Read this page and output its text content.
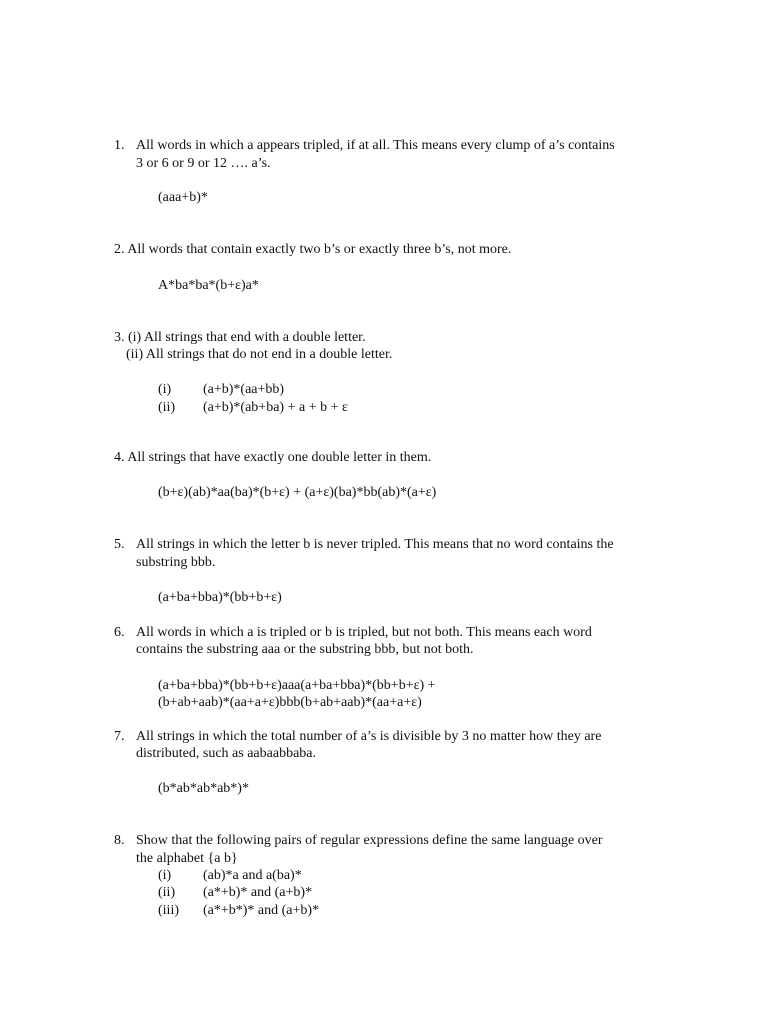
1. All words in which a appears tripled, if at all. This means every clump of a’s contains
3 or 6 or 9 or 12 …. a’s.
(aaa+b)*
2. All words that contain exactly two b’s or exactly three b’s, not more.
A*ba*ba*(b+ε)a*
3. (i) All strings that end with a double letter.
(ii) All strings that do not end in a double letter.
(i) (a+b)*(aa+bb)
(ii) (a+b)*(ab+ba) + a + b + ε
4. All strings that have exactly one double letter in them.
(b+ε)(ab)*aa(ba)*(b+ε) + (a+ε)(ba)*bb(ab)*(a+ε)
5. All strings in which the letter b is never tripled. This means that no word contains the
substring bbb.
(a+ba+bba)*(bb+b+ε)
6. All words in which a is tripled or b is tripled, but not both. This means each word
contains the substring aaa or the substring bbb, but not both.
(a+ba+bba)*(bb+b+ε)aaa(a+ba+bba)*(bb+b+ε) +
(b+ab+aab)*(aa+a+ε)bbb(b+ab+aab)*(aa+a+ε)
7. All strings in which the total number of a’s is divisible by 3 no matter how they are
distributed, such as aabaabbaba.
(b*ab*ab*ab*)*
8. Show that the following pairs of regular expressions define the same language over
the alphabet {a b}
(i) (ab)*a and a(ba)*
(ii) (a*+b)* and (a+b)*
(iii) (a*+b*)* and (a+b)*
